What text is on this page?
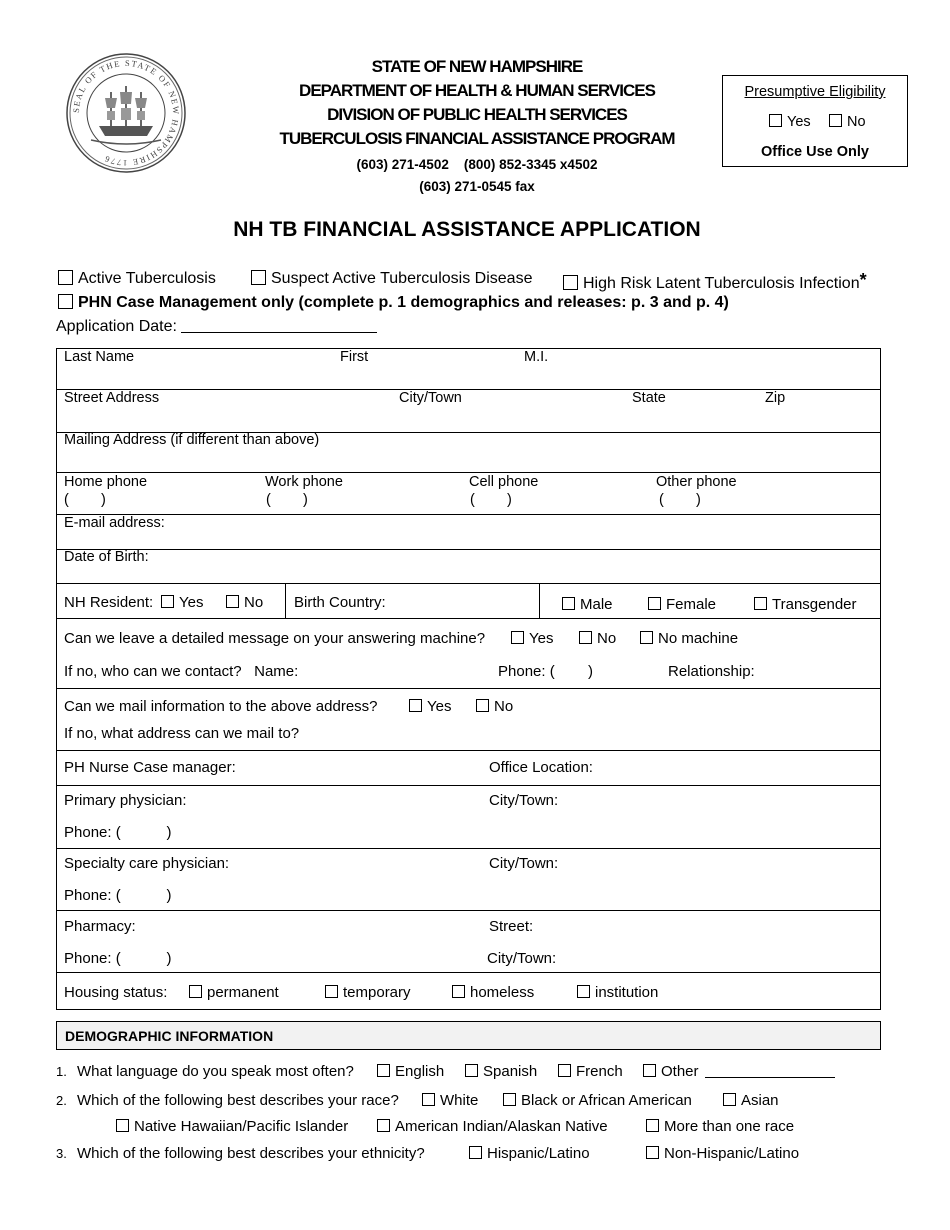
SEAL OF THE STATE OF NEW HAMPSHIRE 1776
STATE OF NEW HAMPSHIRE
DEPARTMENT OF HEALTH & HUMAN SERVICES
DIVISION OF PUBLIC HEALTH SERVICES
TUBERCULOSIS FINANCIAL ASSISTANCE PROGRAM
(603) 271-4502 (800) 852-3345 x4502
(603) 271-0545 fax
Presumptive Eligibility
Yes	No
Office Use Only
NH TB FINANCIAL ASSISTANCE APPLICATION
Active Tuberculosis	Suspect Active Tuberculosis Disease	High Risk Latent Tuberculosis Infection*
PHN Case Management only (complete p. 1 demographics and releases: p. 3 and p. 4)
Application Date:
Last Name	First	M.I.
Street Address	City/Town	State	Zip
Mailing Address (if different than above)
Home phone
(        )
Work phone
(        )
Cell phone
(        )
Other phone
(        )
E-mail address:
Date of Birth:
NH Resident:	Yes	No Birth Country:	Male	Female	Transgender
Can we leave a detailed message on your answering machine?	Yes	No	No machine
If no, who can we contact?   Name:	Phone: (        )	Relationship:
Can we mail information to the above address?	Yes	No
If no, what address can we mail to?
PH Nurse Case manager:	Office Location:
Primary physician:	City/Town:
Phone: (           )
Specialty care physician:	City/Town:
Phone: (           )
Pharmacy:	Street:
Phone: (           )	City/Town:
Housing status:	permanent	temporary	homeless	institution
DEMOGRAPHIC INFORMATION
1. What language do you speak most often?	English	Spanish	French	Other
2. Which of the following best describes your race?	White	Black or African American	Asian
Native Hawaiian/Pacific Islander	American Indian/Alaskan Native	More than one race
3. Which of the following best describes your ethnicity?	Hispanic/Latino	Non-Hispanic/Latino
